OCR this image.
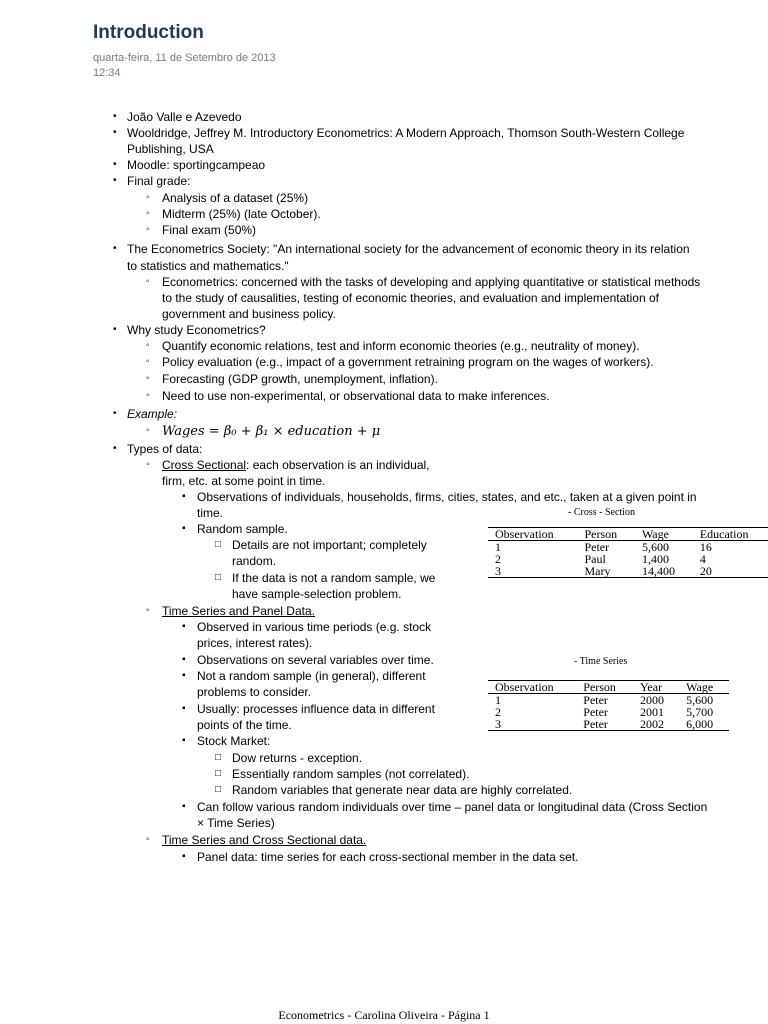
Introduction
quarta-feira, 11 de Setembro de 2013
12:34
• João Valle e Azevedo
• Wooldridge, Jeffrey M. Introductory Econometrics: A Modern Approach, Thomson South-Western College
Publishing, USA
• Moodle: sportingcampeao
• Final grade:
◦ Analysis of a dataset (25%)
◦ Midterm (25%) (late October).
◦ Final exam (50%)
• The Econometrics Society: "An international society for the advancement of economic theory in its relation
to statistics and mathematics."
◦ Econometrics: concerned with the tasks of developing and applying quantitative or statistical methods
to the study of causalities, testing of economic theories, and evaluation and implementation of
government and business policy.
• Why study Econometrics?
◦ Quantify economic relations, test and inform economic theories (e.g., neutrality of money).
◦ Policy evaluation (e.g., impact of a government retraining program on the wages of workers).
◦ Forecasting (GDP growth, unemployment, inflation).
◦ Need to use non-experimental, or observational data to make inferences.
• Example:
◦ Wages = β₀ + β₁ × education + μ
• Types of data:
◦ Cross Sectional: each observation is an individual,
firm, etc. at some point in time.
▪ Observations of individuals, households, firms, cities, states, and etc., taken at a given point in
time.
▪ Random sample.
□ Details are not important; completely
random.
□ If the data is not a random sample, we
have sample-selection problem.
◦ Time Series and Panel Data.
▪ Observed in various time periods (e.g. stock
prices, interest rates).
▪ Observations on several variables over time.
▪ Not a random sample (in general), different
problems to consider.
▪ Usually: processes influence data in different
points of the time.
▪ Stock Market:
□ Dow returns - exception.
□ Essentially random samples (not correlated).
□ Random variables that generate near data are highly correlated.
▪ Can follow various random individuals over time – panel data or longitudinal data (Cross Section
× Time Series)
◦ Time Series and Cross Sectional data.
▪ Panel data: time series for each cross-sectional member in the data set.
- Cross - Section
Observation	Person	Wage	Education
1	Peter	5,600	16
2	Paul	1,400	4
3	Mary	14,400	20
- Time Series
Observation	Person	Year	Wage
1	Peter	2000	5,600
2	Peter	2001	5,700
3	Peter	2002	6,000
Econometrics - Carolina Oliveira - Página 1
